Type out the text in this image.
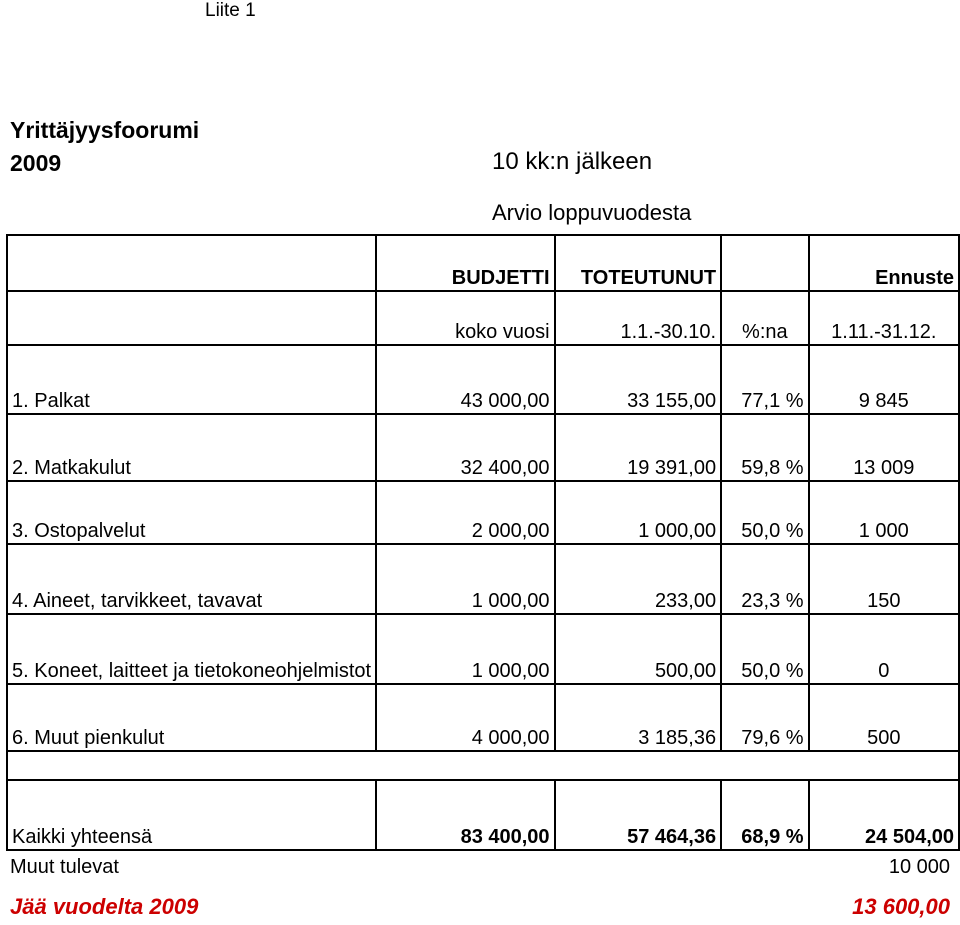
Liite 1
Yrittäjyysfoorumi
2009	10 kk:n jälkeen
Arvio loppuvuodesta
	BUDJETTI	TOTEUTUNUT		Ennuste
	koko vuosi	1.1.-30.10.	%:na	1.11.-31.12.
1. Palkat	43 000,00	33 155,00	77,1 %	9 845
2. Matkakulut	32 400,00	19 391,00	59,8 %	13 009
3. Ostopalvelut	2 000,00	1 000,00	50,0 %	1 000
4. Aineet, tarvikkeet, tavavat	1 000,00	233,00	23,3 %	150
5. Koneet, laitteet ja tietokoneohjelmistot	1 000,00	500,00	50,0 %	0
6. Muut pienkulut	4 000,00	3 185,36	79,6 %	500

Kaikki yhteensä	83 400,00	57 464,36	68,9 %	24 504,00
Muut tulevat	10 000
Jää vuodelta 2009	13 600,00
